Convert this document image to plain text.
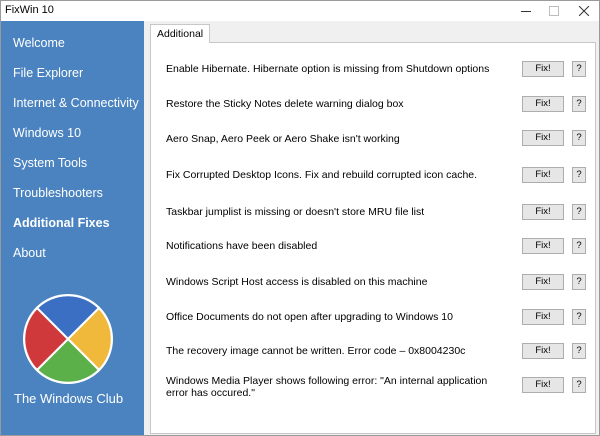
FixWin 10
Welcome
File Explorer
Internet & Connectivity
Windows 10
System Tools
Troubleshooters
Additional Fixes
About
The Windows Club
Additional
Enable Hibernate. Hibernate option is missing from Shutdown options	Fix!	?
Restore the Sticky Notes delete warning dialog box	Fix!	?
Aero Snap, Aero Peek or Aero Shake isn't working	Fix!	?
Fix Corrupted Desktop Icons. Fix and rebuild corrupted icon cache.	Fix!	?
Taskbar jumplist is missing or doesn't store MRU file list	Fix!	?
Notifications have been disabled	Fix!	?
Windows Script Host access is disabled on this machine	Fix!	?
Office Documents do not open after upgrading to Windows 10	Fix!	?
The recovery image cannot be written. Error code – 0x8004230c	Fix!	?
Windows Media Player shows following error: "An internal application error has occured."
Fix!	?
